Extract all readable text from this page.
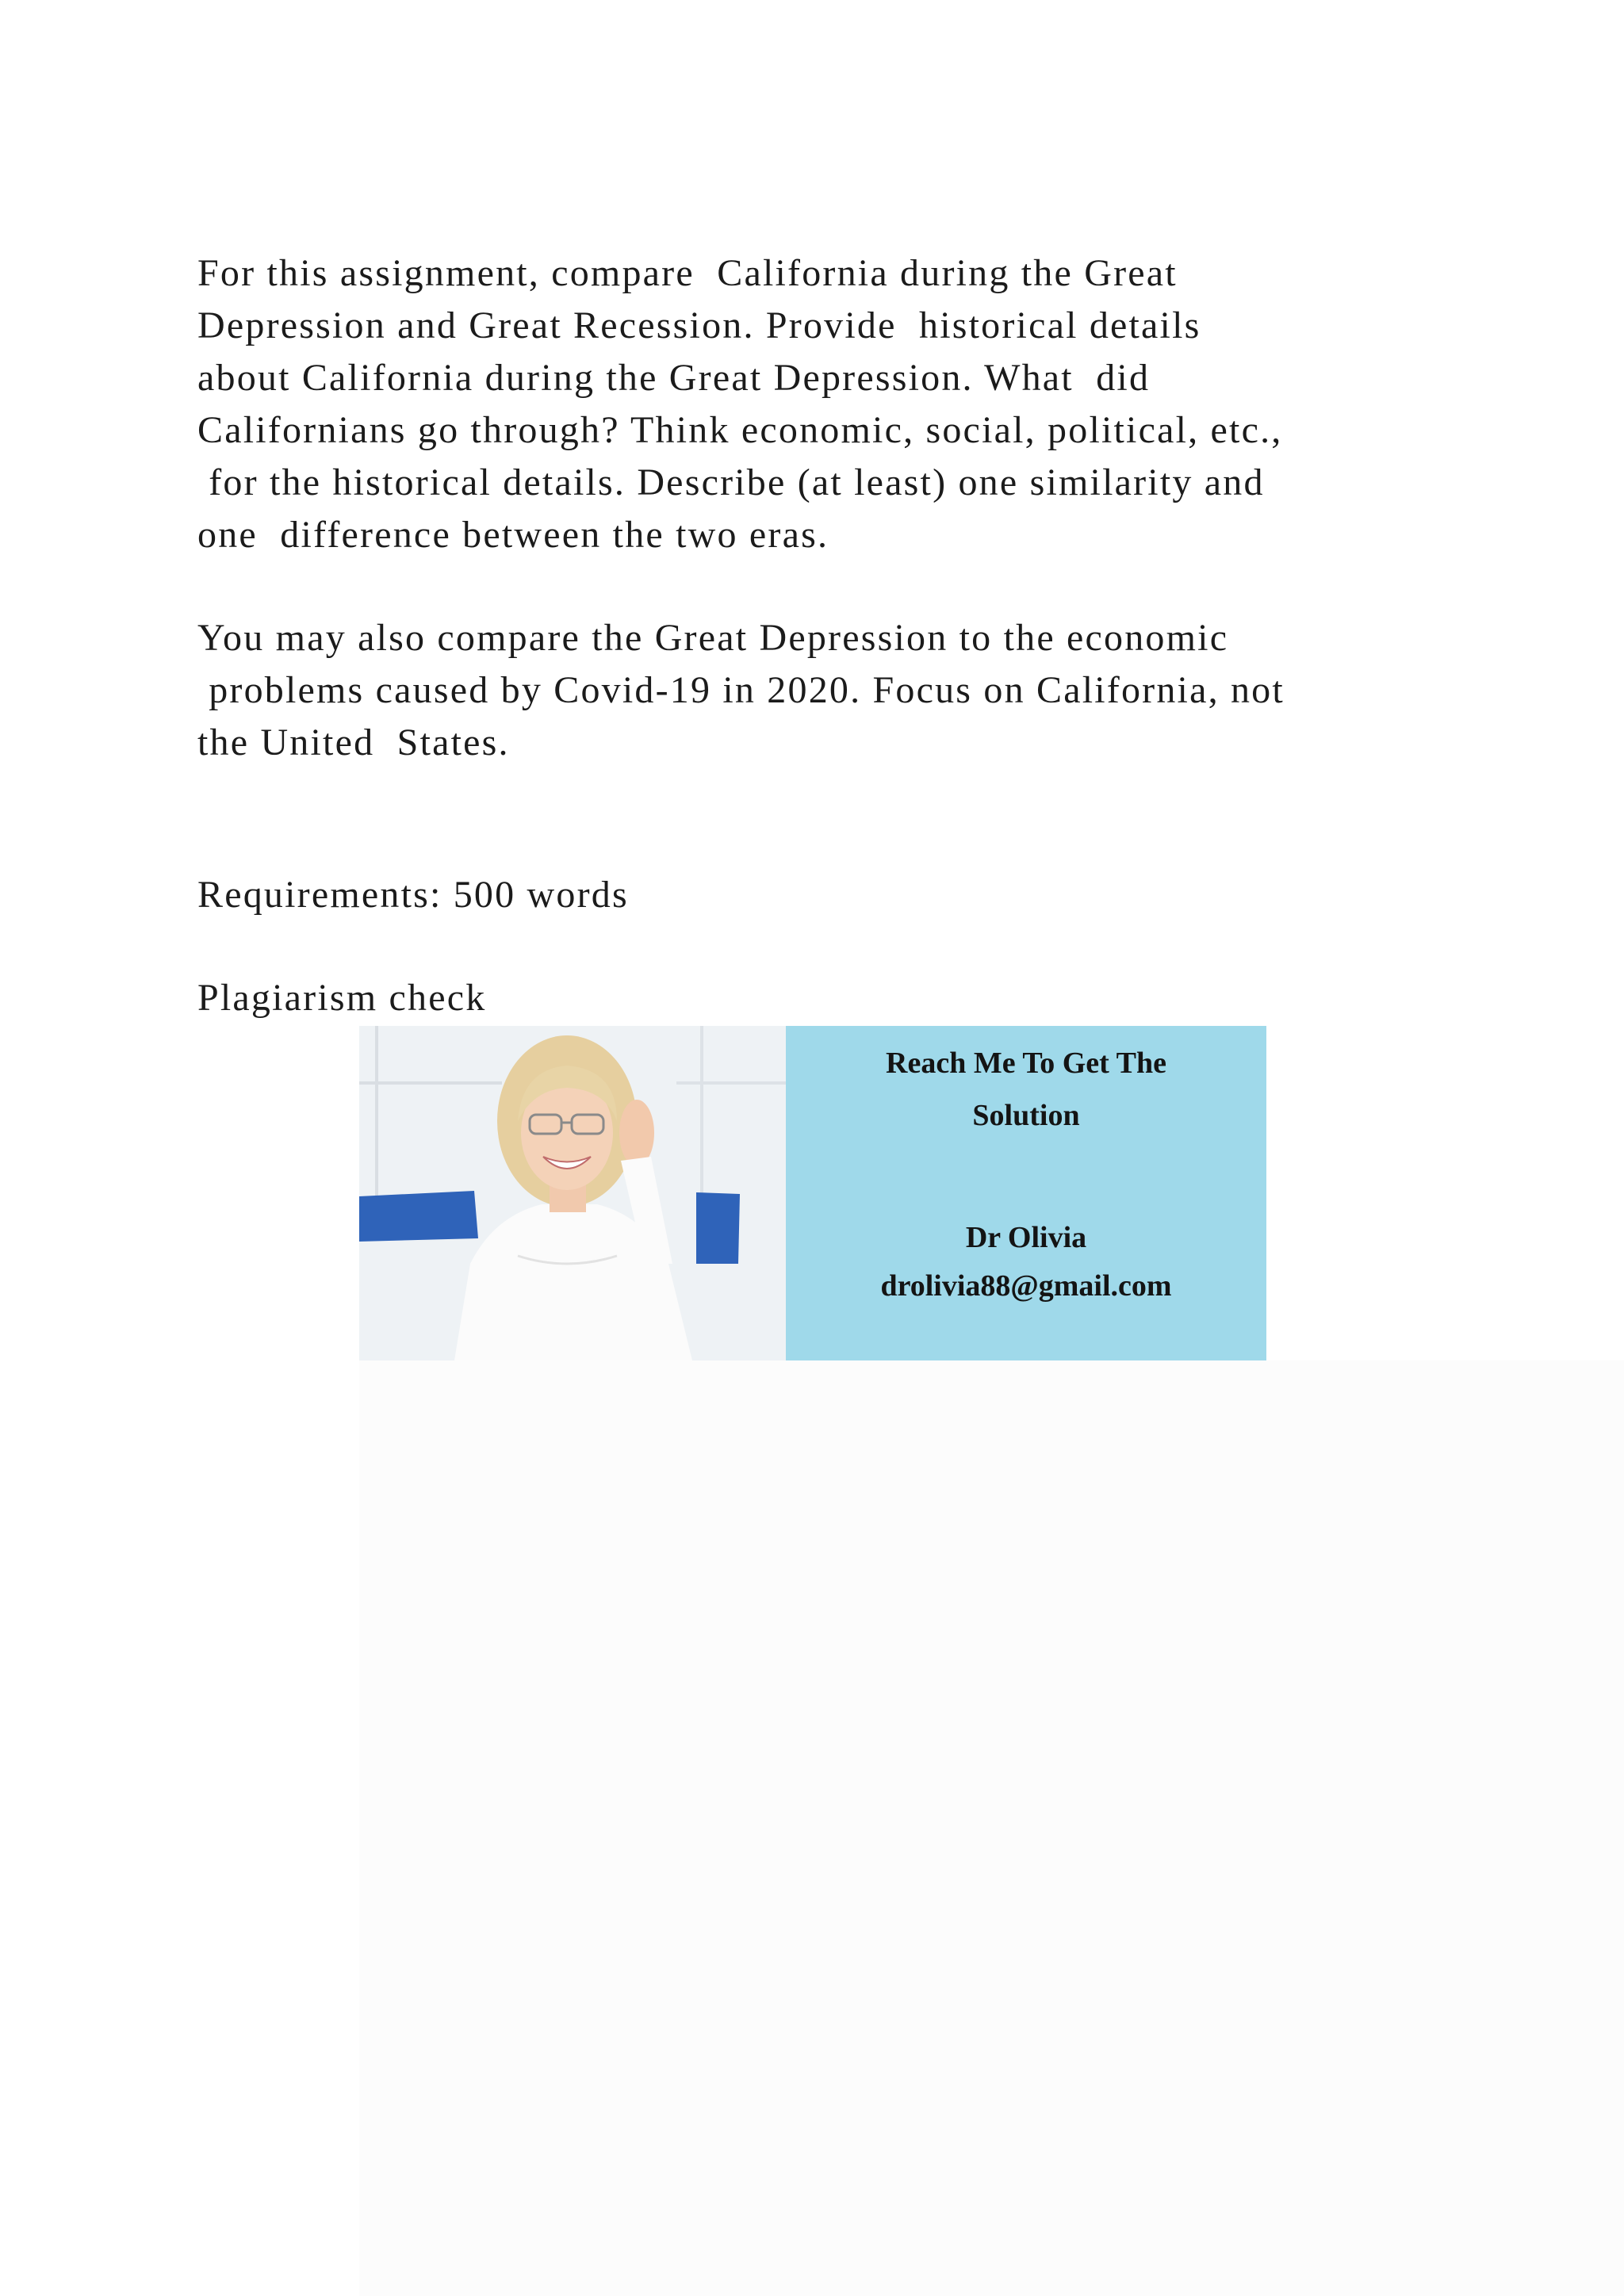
For this assignment, compare  California during the Great

Depression and Great Recession. Provide  historical details

about California during the Great Depression. What  did

Californians go through? Think economic, social, political, etc.,

for the historical details. Describe (at least) one similarity and

one  difference between the two eras.

You may also compare the Great Depression to the economic

problems caused by Covid-19 in 2020. Focus on California, not

the United  States.

Requirements: 500 words

Plagiarism check

Reach Me To Get The
Solution
Dr Olivia
drolivia88@gmail.com
